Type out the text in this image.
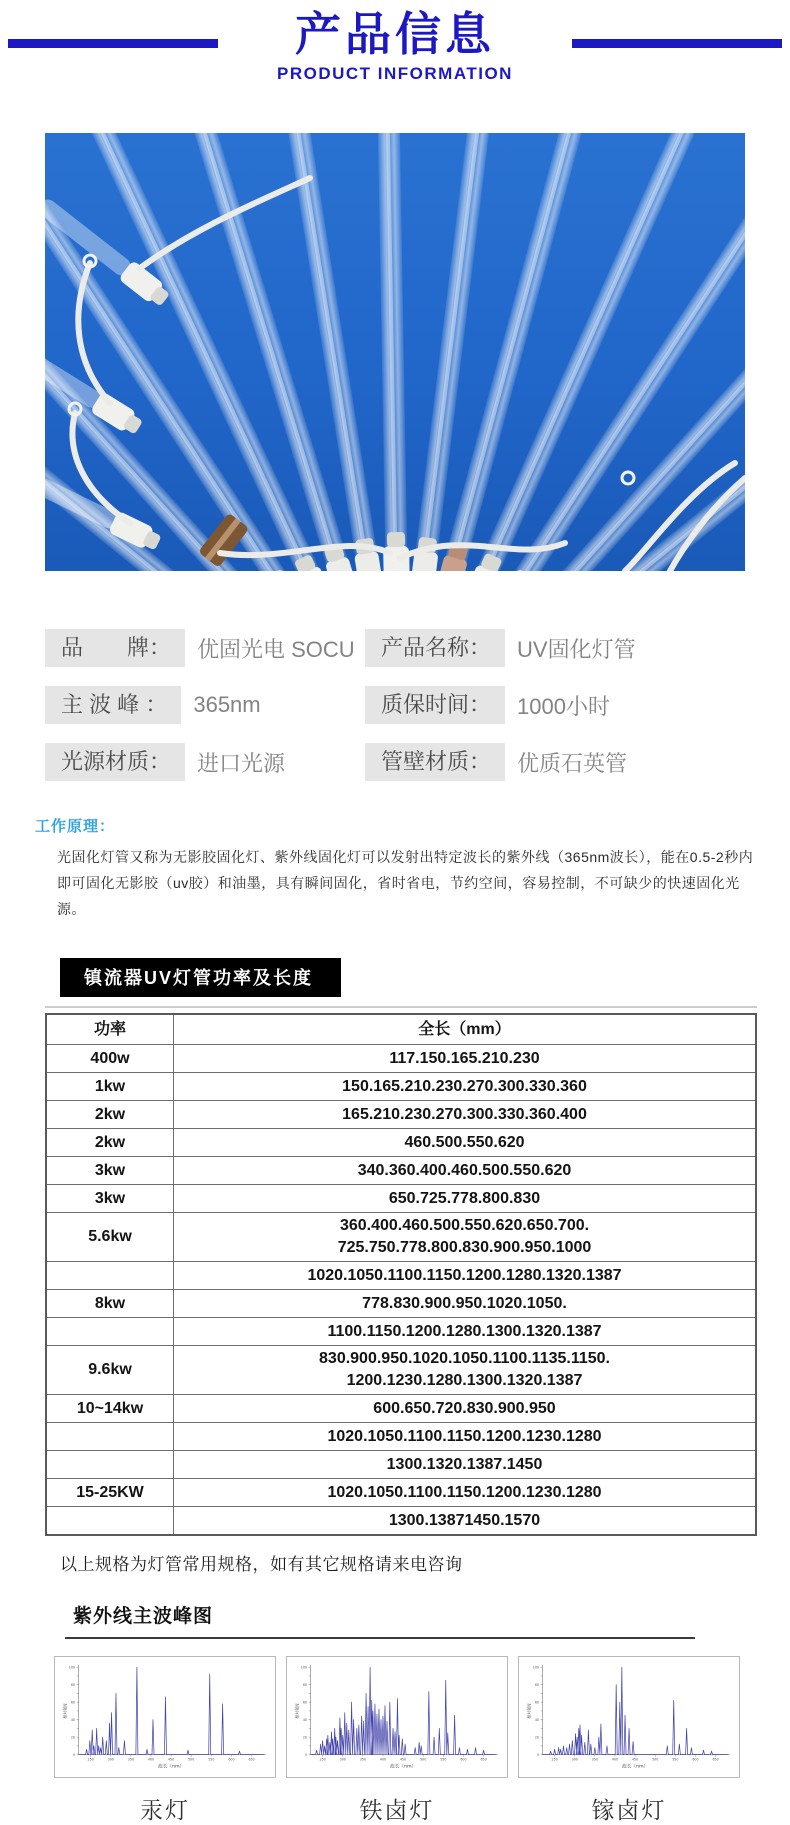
产品信息
PRODUCT INFORMATION
品　　牌：	优固光电 SOCU	产品名称：	UV固化灯管
主 波 峰 ：	365nm	质保时间：	1000小时
光源材质：	进口光源	管壁材质：	优质石英管
工作原理：
光固化灯管又称为无影胶固化灯、紫外线固化灯可以发射出特定波长的紫外线（365nm波长），能在0.5-2秒内即可固化无影胶（uv胶）和油墨，具有瞬间固化，省时省电，节约空间，容易控制，不可缺少的快速固化光源。
镇流器UV灯管功率及长度
功率	全长（mm）
400w	117.150.165.210.230
1kw	150.165.210.230.270.300.330.360
2kw	165.210.230.270.300.330.360.400
2kw	460.500.550.620
3kw	340.360.400.460.500.550.620
3kw	650.725.778.800.830
5.6kw	360.400.460.500.550.620.650.700.
725.750.778.800.830.900.950.1000
	1020.1050.1100.1150.1200.1280.1320.1387
8kw	778.830.900.950.1020.1050.
	1100.1150.1200.1280.1300.1320.1387
9.6kw	830.900.950.1020.1050.1100.1135.1150.
1200.1230.1280.1300.1320.1387
10~14kw	600.650.720.830.900.950
	1020.1050.1100.1150.1200.1230.1280
	1300.1320.1387.1450
15-25KW	1020.1050.1100.1150.1200.1230.1280
	1300.13871450.1570
以上规格为灯管常用规格，如有其它规格请来电咨询
紫外线主波峰图
0
20
40
60
80
100
250	300	350	400	450	500	550	600	650
波长（nm）
相对强度
0
20
40
60
80
100
250	300	350	400	450	500	550	600	650
波长（nm）
相对强度
0
20
40
60
80
100
250	300	350	400	450	500	550	600	650
波长（nm）
相对强度
汞灯	铁卤灯	镓卤灯
